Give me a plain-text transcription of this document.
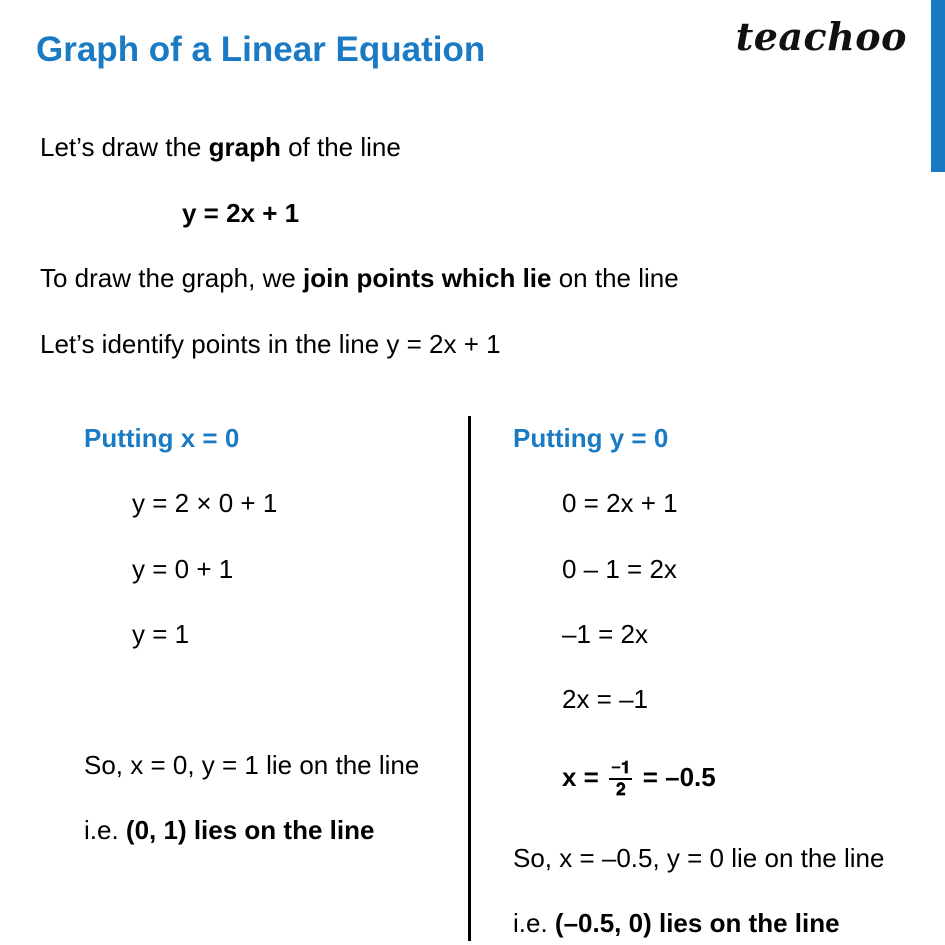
Graph of a Linear Equation	teachoo
Let’s draw the graph of the line
y = 2x + 1
To draw the graph, we join points which lie on the line
Let’s identify points in the line y = 2x + 1
Putting x = 0
y = 2 × 0 + 1
y = 0 + 1
y = 1
So, x = 0, y = 1 lie on the line
i.e. (0, 1) lies on the line
Putting y = 0
0 = 2x + 1
0 – 1 = 2x
–1 = 2x
2x = –1
$x = \frac{-𝟏}{𝟐} = -0.5$
So, x = –0.5, y = 0 lie on the line
i.e. (–0.5, 0) lies on the line
